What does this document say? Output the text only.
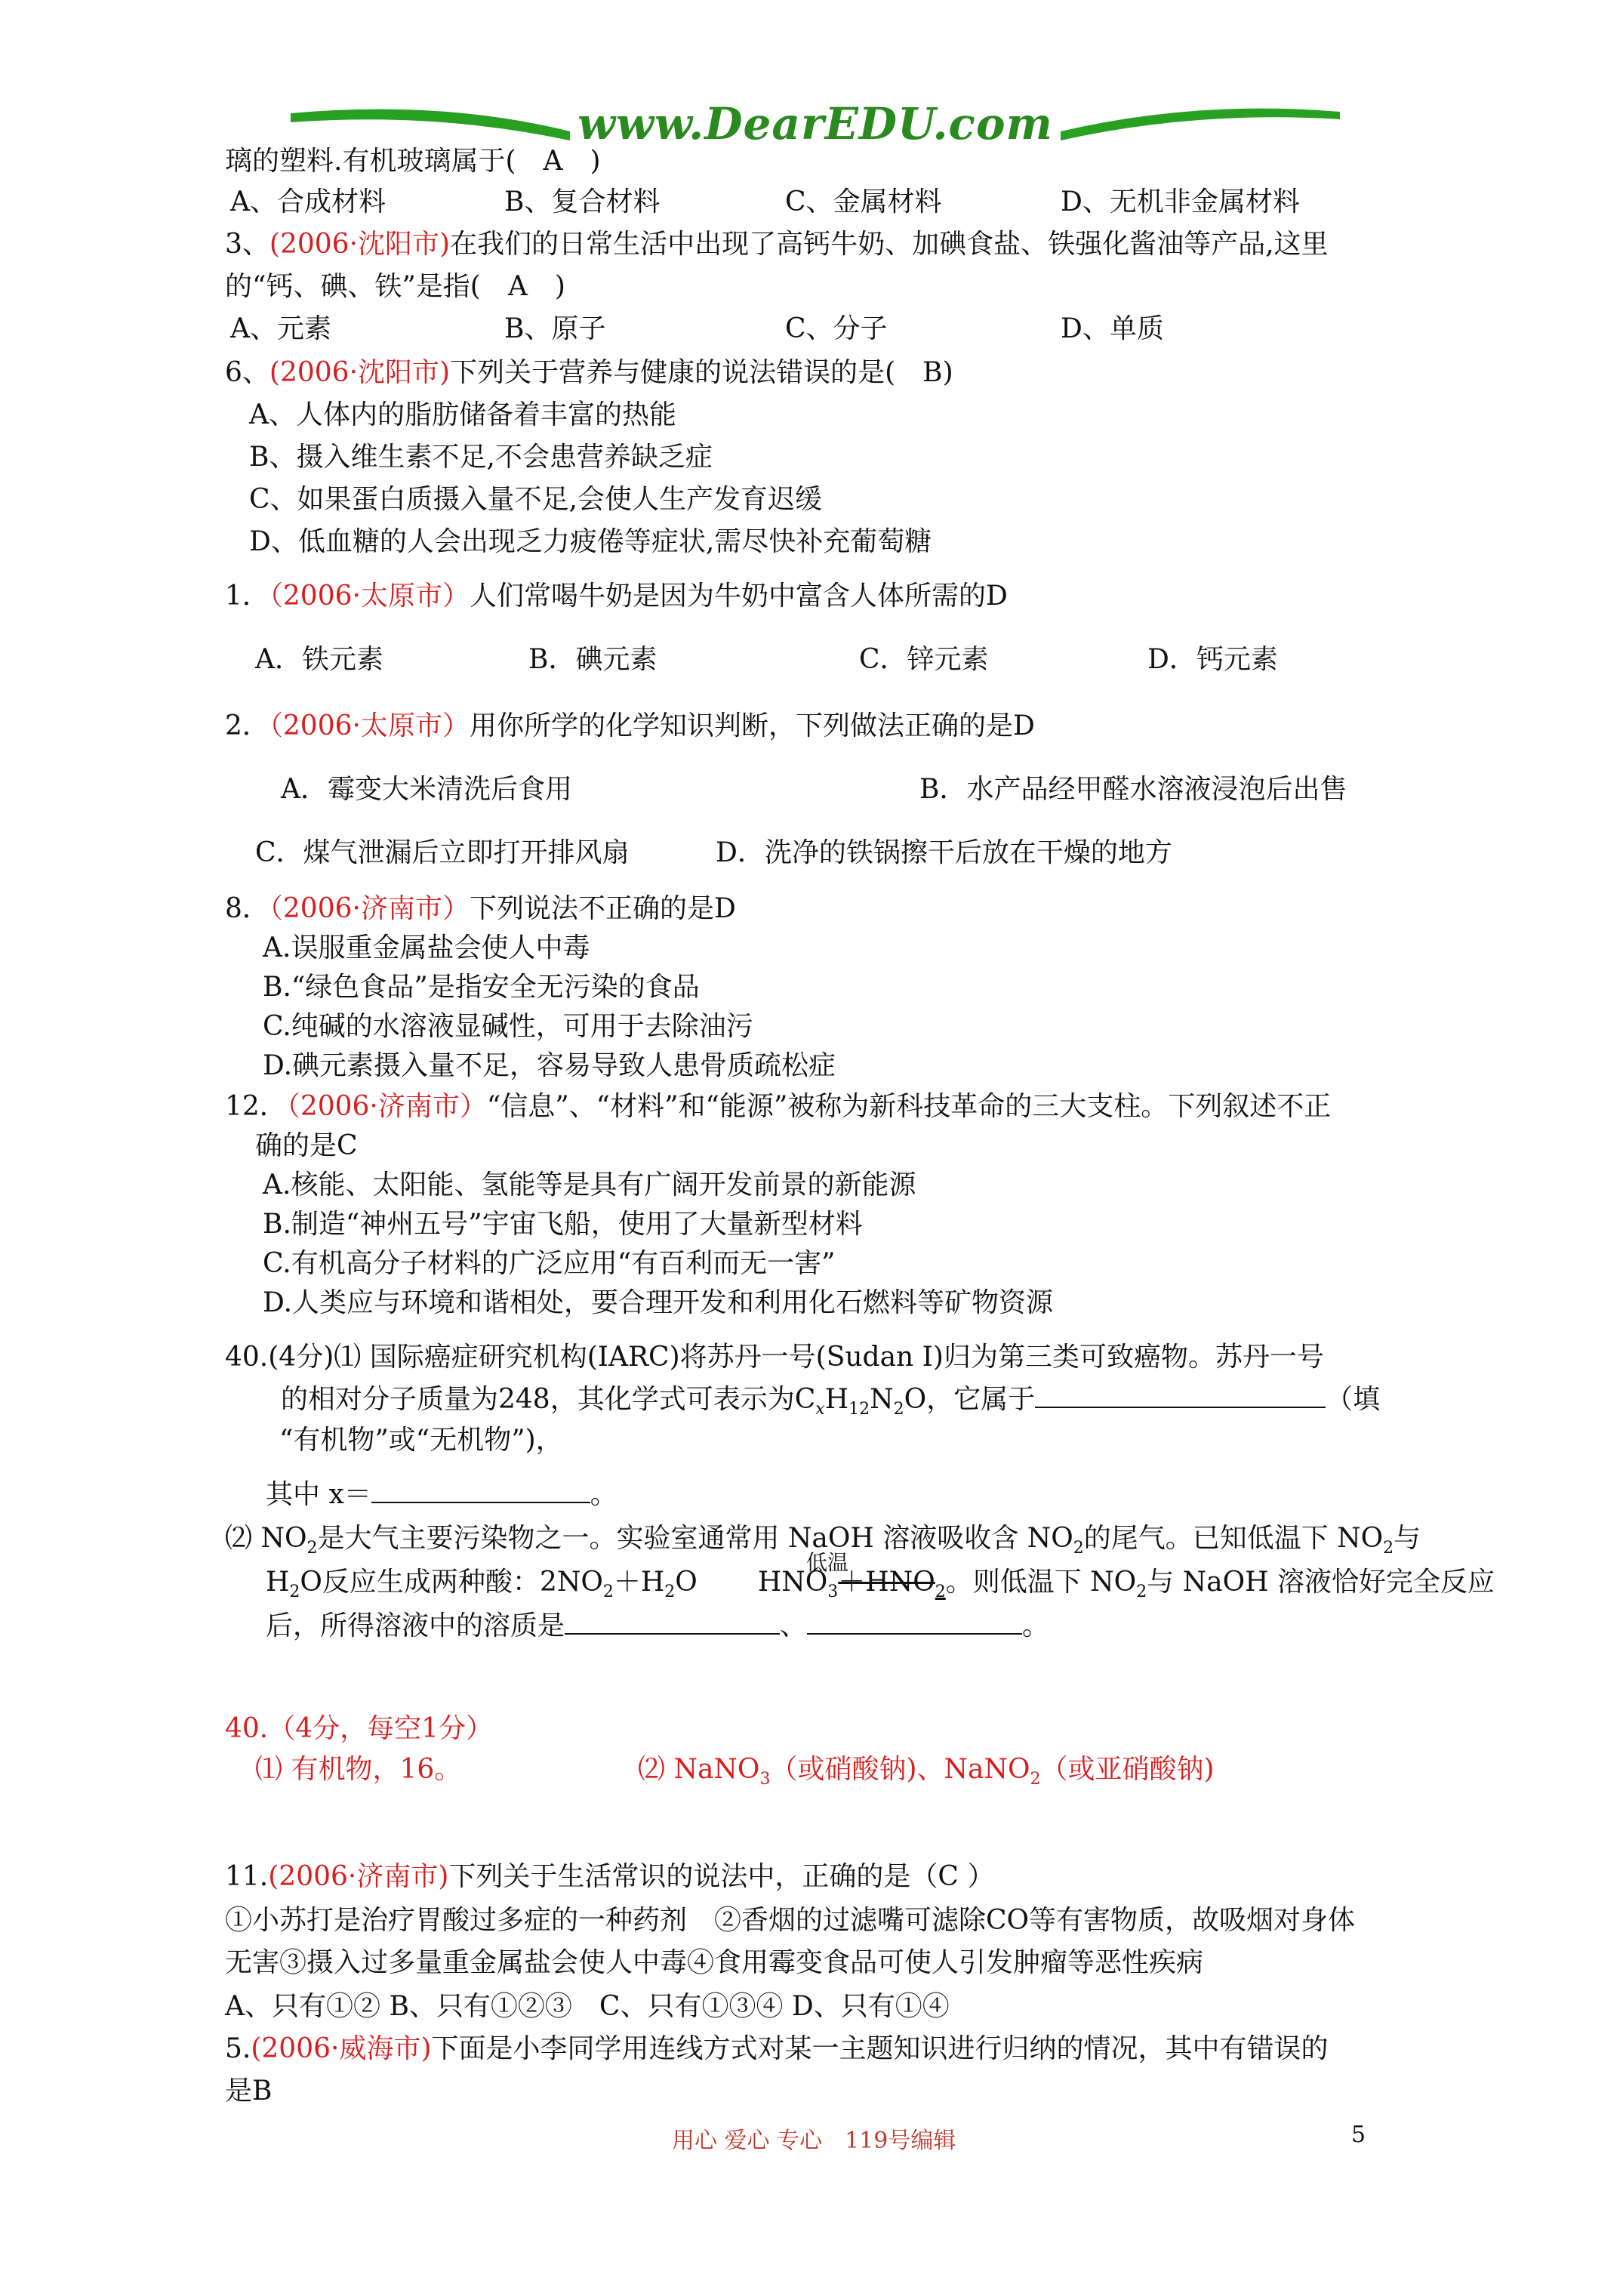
www.DearEDU.com
璃的塑料.有机玻璃属于(　A　)
A、合成材料	B、复合材料	C、金属材料	D、无机非金属材料
3、(2006·沈阳市)在我们的日常生活中出现了高钙牛奶、加碘食盐、铁强化酱油等产品,这里
的“钙、碘、铁”是指(　A　)
A、元素	B、原子	C、分子	D、单质
6、(2006·沈阳市)下列关于营养与健康的说法错误的是(　B)
A、人体内的脂肪储备着丰富的热能
B、摄入维生素不足,不会患营养缺乏症
C、如果蛋白质摄入量不足,会使人生产发育迟缓
D、低血糖的人会出现乏力疲倦等症状,需尽快补充葡萄糖
1．（2006·太原市）人们常喝牛奶是因为牛奶中富含人体所需的D
A．铁元素	B．碘元素	C．锌元素	D．钙元素
2．（2006·太原市）用你所学的化学知识判断，下列做法正确的是D
A．霉变大米清洗后食用	B．水产品经甲醛水溶液浸泡后出售
C．煤气泄漏后立即打开排风扇	D．洗净的铁锅擦干后放在干燥的地方
8．（2006·济南市）下列说法不正确的是D
A.误服重金属盐会使人中毒
B.“绿色食品”是指安全无污染的食品
C.纯碱的水溶液显碱性，可用于去除油污
D.碘元素摄入量不足，容易导致人患骨质疏松症
12．（2006·济南市）“信息”、“材料”和“能源”被称为新科技革命的三大支柱。下列叙述不正
确的是C
A.核能、太阳能、氢能等是具有广阔开发前景的新能源
B.制造“神州五号”宇宙飞船，使用了大量新型材料
C.有机高分子材料的广泛应用“有百利而无一害”
D.人类应与环境和谐相处，要合理开发和利用化石燃料等矿物资源
40.(4分)⑴ 国际癌症研究机构(IARC)将苏丹一号(Sudan Ⅰ)归为第三类可致癌物。苏丹一号
的相对分子质量为248，其化学式可表示为$C_xH_{12}N_2O$，它属于	（填
“有机物”或“无机物”)，
其中 x＝	。
⑵ $NO_2$是大气主要污染物之一。实验室通常用 NaOH 溶液吸收含 $NO_2$的尾气。已知低温下 $NO_2$与
$H_2O$反应生成两种酸：$2NO_2+H_2O$       $HNO_3+HNO_2$。则低温下 $NO_2$与 NaOH 溶液恰好完全反应
低温
后，所得溶液中的溶质是	、	。
40.（4分，每空1分）
⑴ 有机物，16。	⑵ NaNO$_3$（或硝酸钠)、NaNO$_2$（或亚硝酸钠)
11.(2006·济南市)下列关于生活常识的说法中，正确的是（C ）
①小苏打是治疗胃酸过多症的一种药剂　②香烟的过滤嘴可滤除CO等有害物质，故吸烟对身体
无害③摄入过多量重金属盐会使人中毒④食用霉变食品可使人引发肿瘤等恶性疾病
A、只有①② B、只有①②③　C、只有①③④ D、只有①④
5.(2006·威海市)下面是小李同学用连线方式对某一主题知识进行归纳的情况，其中有错误的
是B
用心 爱心 专心　119号编辑	5
